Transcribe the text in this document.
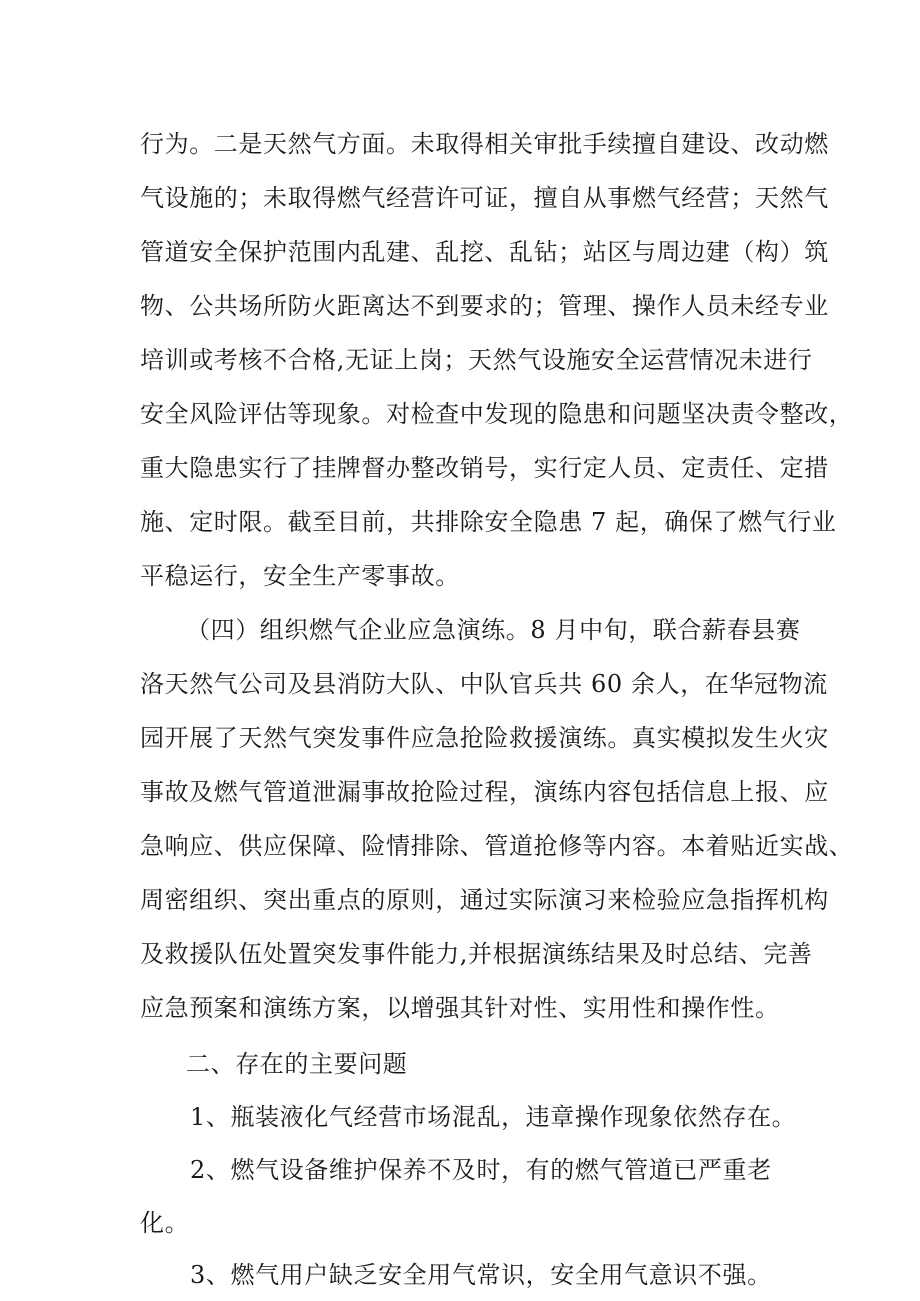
行为。二是天然气方面。未取得相关审批手续擅自建设、改动燃
气设施的；未取得燃气经营许可证，擅自从事燃气经营；天然气
管道安全保护范围内乱建、乱挖、乱钻；站区与周边建（构）筑
物、公共场所防火距离达不到要求的；管理、操作人员未经专业
培训或考核不合格,无证上岗；天然气设施安全运营情况未进行
安全风险评估等现象。对检查中发现的隐患和问题坚决责令整改，
重大隐患实行了挂牌督办整改销号，实行定人员、定责任、定措
施、定时限。截至目前，共排除安全隐患 7 起，确保了燃气行业
平稳运行，安全生产零事故。
（四）组织燃气企业应急演练。8 月中旬，联合薪春县赛
洛天然气公司及县消防大队、中队官兵共 60 余人，在华冠物流
园开展了天然气突发事件应急抢险救援演练。真实模拟发生火灾
事故及燃气管道泄漏事故抢险过程，演练内容包括信息上报、应
急响应、供应保障、险情排除、管道抢修等内容。本着贴近实战、
周密组织、突出重点的原则，通过实际演习来检验应急指挥机构
及救援队伍处置突发事件能力,并根据演练结果及时总结、完善
应急预案和演练方案，以增强其针对性、实用性和操作性。
二、存在的主要问题
1、瓶装液化气经营市场混乱，违章操作现象依然存在。
2、燃气设备维护保养不及时，有的燃气管道已严重老
化。
3、燃气用户缺乏安全用气常识，安全用气意识不强。
